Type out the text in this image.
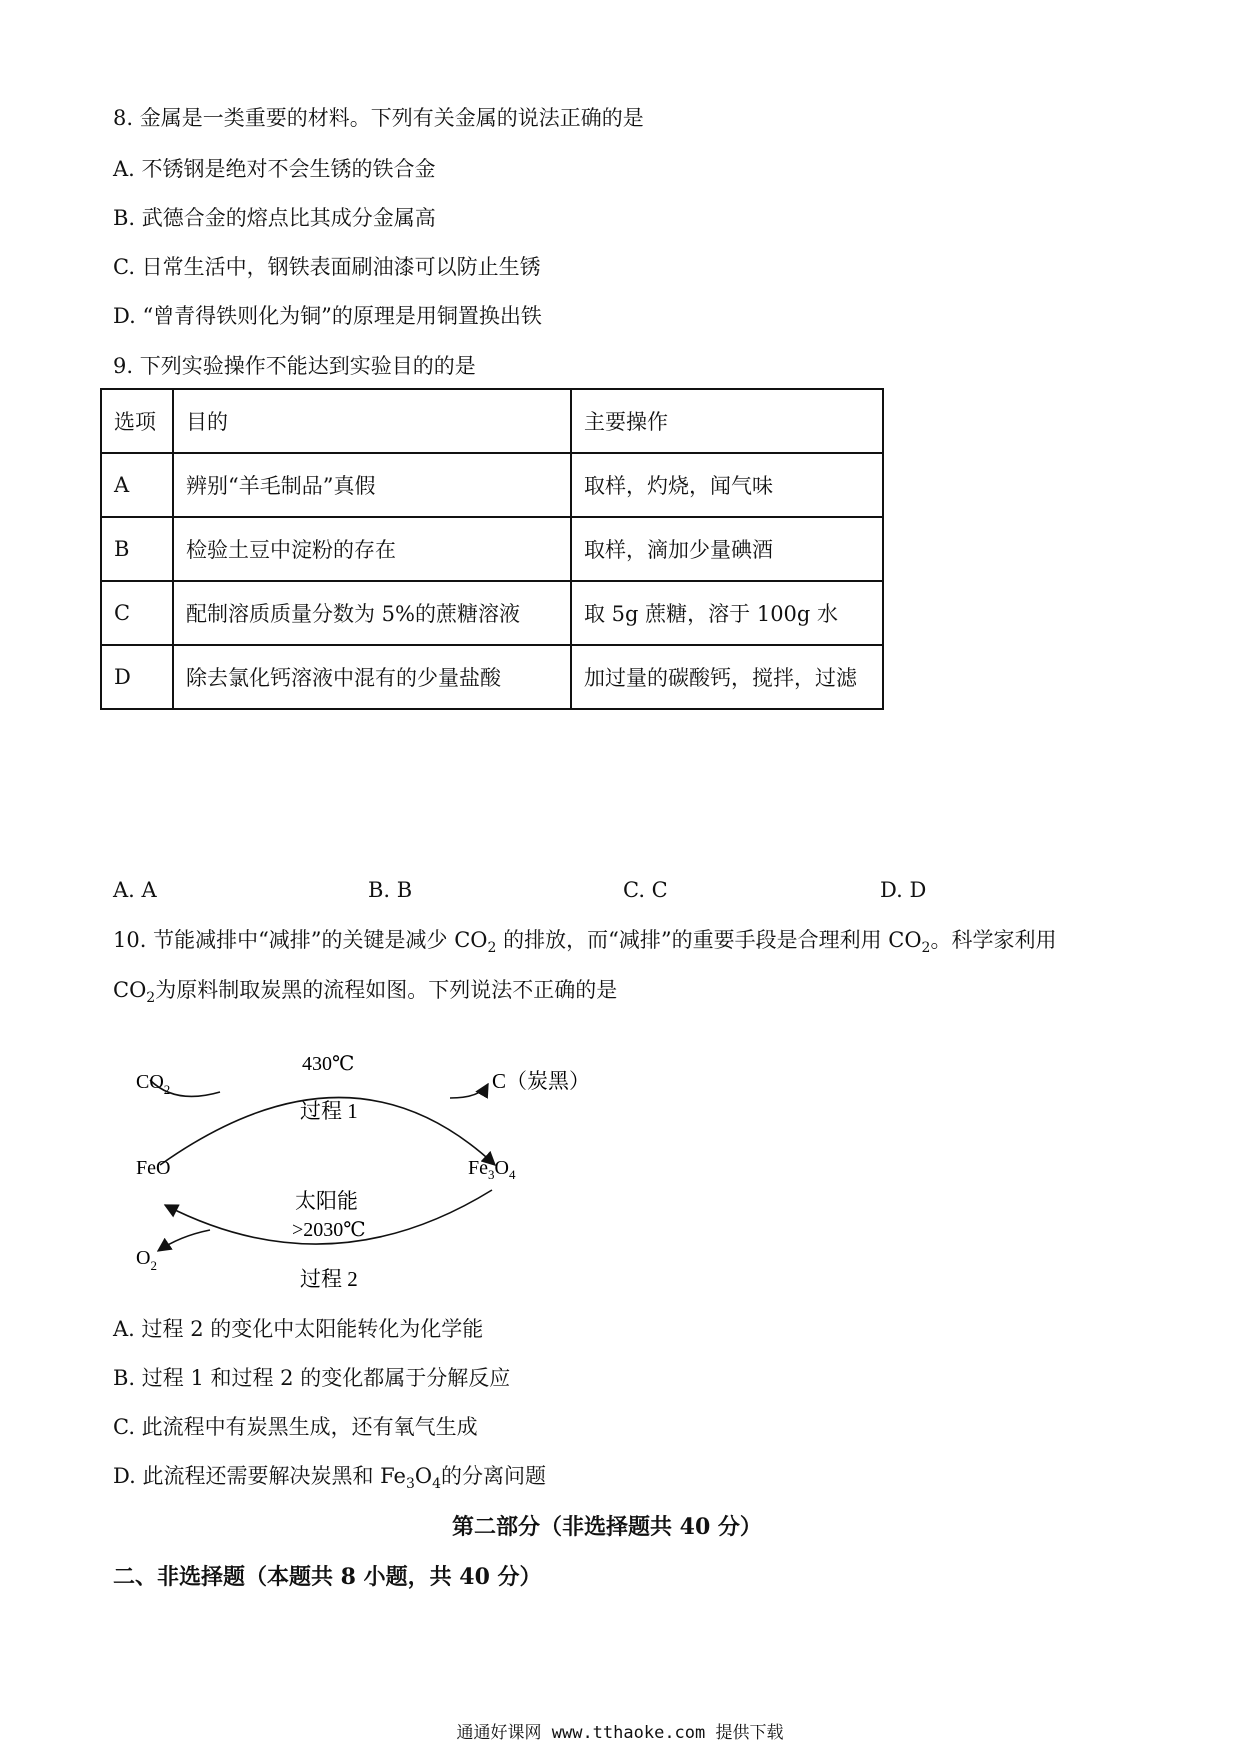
8. 金属是一类重要的材料。下列有关金属的说法正确的是
A. 不锈钢是绝对不会生锈的铁合金
B. 武德合金的熔点比其成分金属高
C. 日常生活中，钢铁表面刷油漆可以防止生锈
D. “曾青得铁则化为铜”的原理是用铜置换出铁
9. 下列实验操作不能达到实验目的的是
选项	目的	主要操作
A	辨别“羊毛制品”真假	取样，灼烧，闻气味
B	检验土豆中淀粉的存在	取样，滴加少量碘酒
C	配制溶质质量分数为 5%的蔗糖溶液	取 5g 蔗糖，溶于 100g 水
D	除去氯化钙溶液中混有的少量盐酸	加过量的碳酸钙，搅拌，过滤
A. A	B. B	C. C	D. D
10. 节能减排中“减排”的关键是减少 $CO_2$ 的排放，而“减排”的重要手段是合理利用 $CO_2$。科学家利用
$CO_2$为原料制取炭黑的流程如图。下列说法不正确的是
$CO_2$
430℃
过程 1
C（炭黑）
FeO	$Fe_3O_4$
太阳能
>2030℃
$O_2$
过程 2
A. 过程 2 的变化中太阳能转化为化学能
B. 过程 1 和过程 2 的变化都属于分解反应
C. 此流程中有炭黑生成，还有氧气生成
D. 此流程还需要解决炭黑和 $Fe_3O_4$的分离问题
第二部分（非选择题共 40 分）
二、非选择题（本题共 8 小题，共 40 分）
通通好课网 www.tthaoke.com 提供下载
